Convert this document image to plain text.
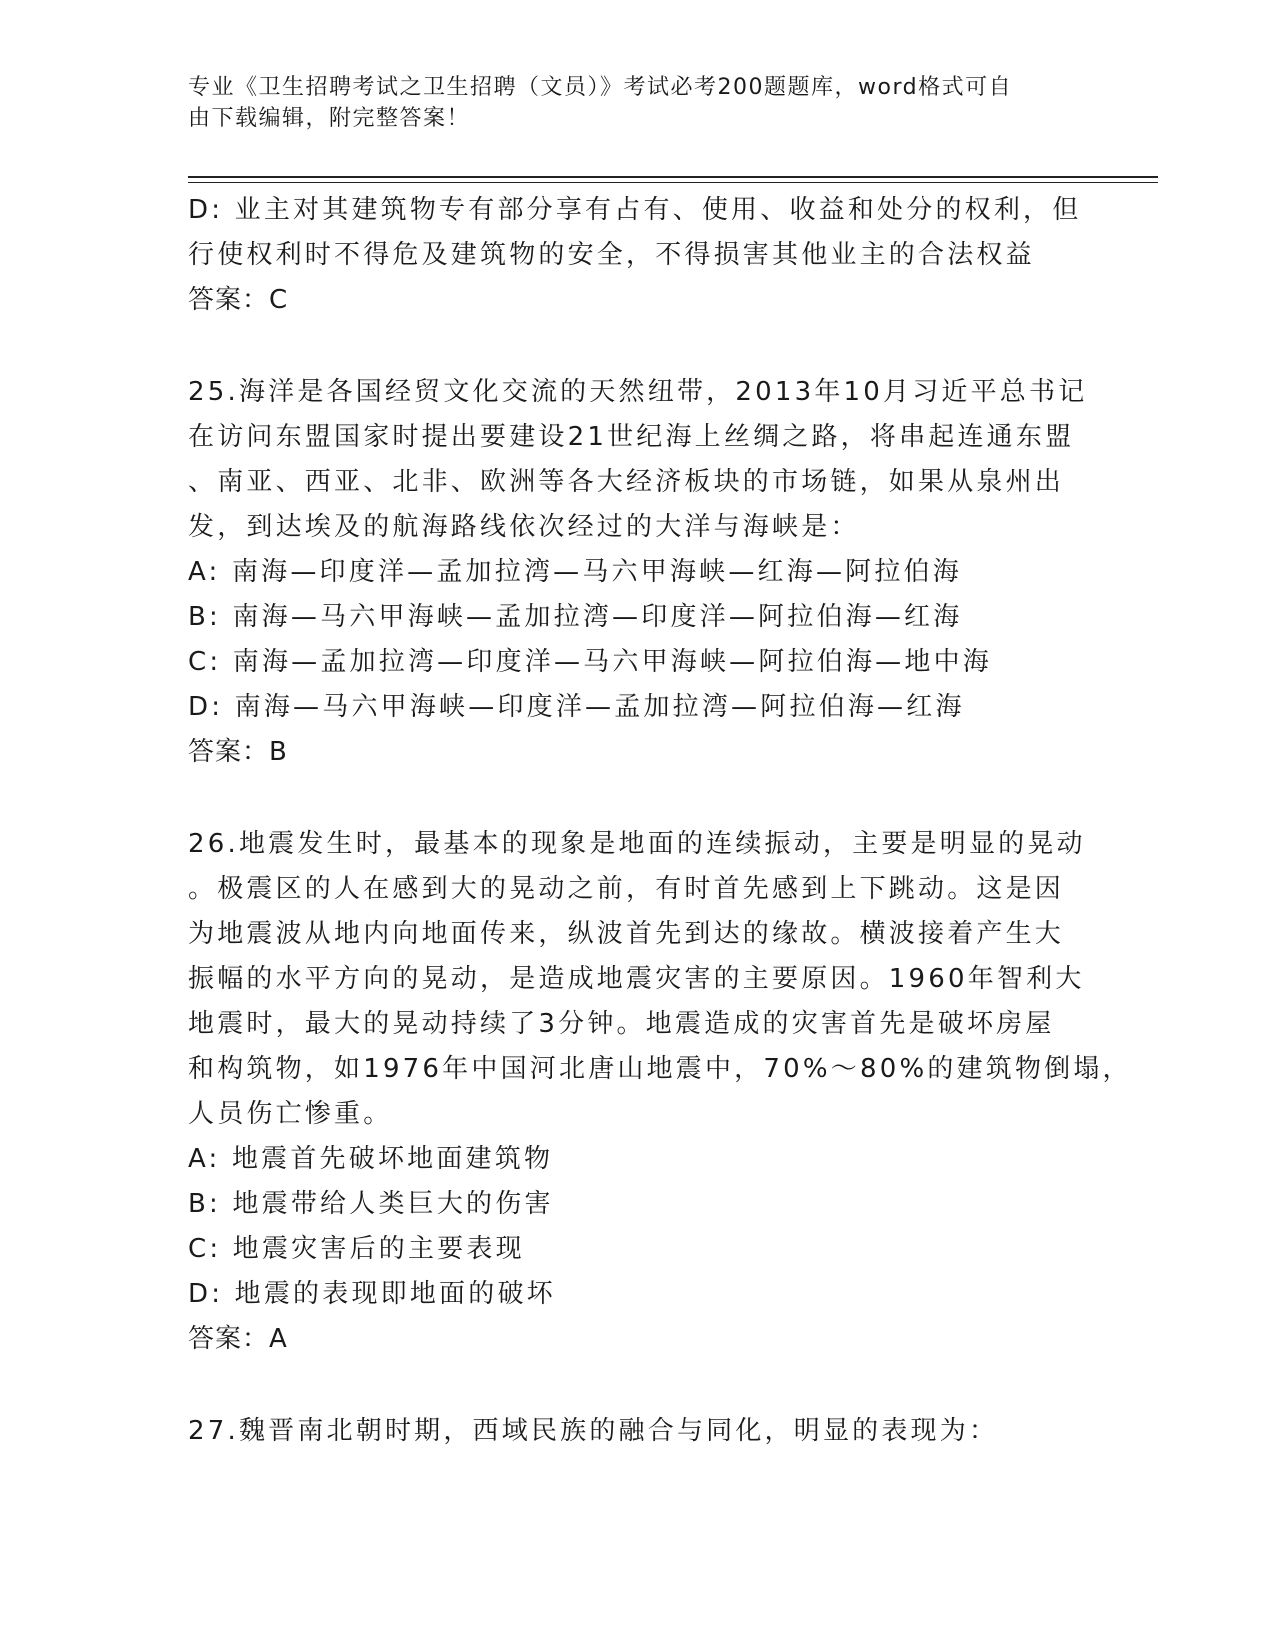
专业《卫生招聘考试之卫生招聘（文员）》考试必考200题题库，word格式可自
由下载编辑，附完整答案！
D: 业主对其建筑物专有部分享有占有、使用、收益和处分的权利，但
行使权利时不得危及建筑物的安全，不得损害其他业主的合法权益
答案：C
25.海洋是各国经贸文化交流的天然纽带，2013年10月习近平总书记
在访问东盟国家时提出要建设21世纪海上丝绸之路，将串起连通东盟
、南亚、西亚、北非、欧洲等各大经济板块的市场链，如果从泉州出
发，到达埃及的航海路线依次经过的大洋与海峡是：
A: 南海—印度洋—孟加拉湾—马六甲海峡—红海—阿拉伯海
B: 南海—马六甲海峡—孟加拉湾—印度洋—阿拉伯海—红海
C: 南海—孟加拉湾—印度洋—马六甲海峡—阿拉伯海—地中海
D: 南海—马六甲海峡—印度洋—孟加拉湾—阿拉伯海—红海
答案：B
26.地震发生时，最基本的现象是地面的连续振动，主要是明显的晃动
。极震区的人在感到大的晃动之前，有时首先感到上下跳动。这是因
为地震波从地内向地面传来，纵波首先到达的缘故。横波接着产生大
振幅的水平方向的晃动，是造成地震灾害的主要原因。1960年智利大
地震时，最大的晃动持续了3分钟。地震造成的灾害首先是破坏房屋
和构筑物，如1976年中国河北唐山地震中，70%～80%的建筑物倒塌，
人员伤亡惨重。
A: 地震首先破坏地面建筑物
B: 地震带给人类巨大的伤害
C: 地震灾害后的主要表现
D: 地震的表现即地面的破坏
答案：A
27.魏晋南北朝时期，西域民族的融合与同化，明显的表现为：
